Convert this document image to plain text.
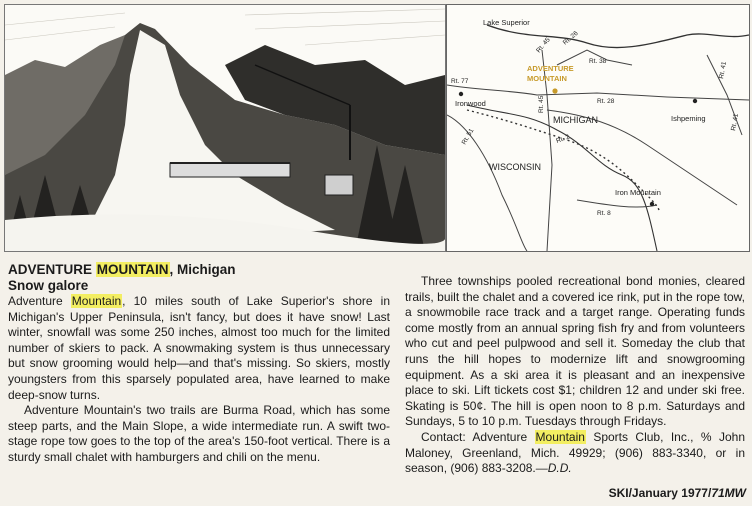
Lake Superior
ADVENTURE
MOUNTAIN
Ironwood
MICHIGAN
WISCONSIN
Ishpeming
Iron Mountain
Rt. 45 Rt. 26
Rt. 38
Rt. 77
Rt. 28
Rt. 45
Rt. 2
Rt. 51
Rt. 8
Rt. 41
Rt. 41
ADVENTURE MOUNTAIN, Michigan
Snow galore

Adventure Mountain, 10 miles south of Lake Superior's shore in Michigan's Upper Peninsula, isn't fancy, but does it have snow! Last winter, snowfall was some 250 inches, almost too much for the limited number of skiers to pack. A snowmaking system is thus unnecessary but snow grooming would help—and that's missing. So skiers, mostly youngsters from this sparsely populated area, have learned to make deep-snow turns.

Adventure Mountain's two trails are Burma Road, which has some steep parts, and the Main Slope, a wide intermediate run. A swift two-stage rope tow goes to the top of the area's 150-foot vertical. There is a sturdy small chalet with hamburgers and chili on the menu.

Three townships pooled recreational bond monies, cleared trails, built the chalet and a covered ice rink, put in the rope tow, a snowmobile race track and a target range. Operating funds come mostly from an annual spring fish fry and from volunteers who cut and peel pulpwood and sell it. Someday the club that runs the hill hopes to modernize lift and snowgrooming equipment. As a ski area it is pleasant and an inexpensive place to ski. Lift tickets cost $1; children 12 and under ski free. Skating is 50¢. The hill is open noon to 8 p.m. Saturdays and Sundays, 5 to 10 p.m. Tuesdays through Fridays.

Contact: Adventure Mountain Sports Club, Inc., % John Maloney, Greenland, Mich. 49929; (906) 883-3340, or in season, (906) 883-3208.—D.D.

SKI/January 1977/71MW
